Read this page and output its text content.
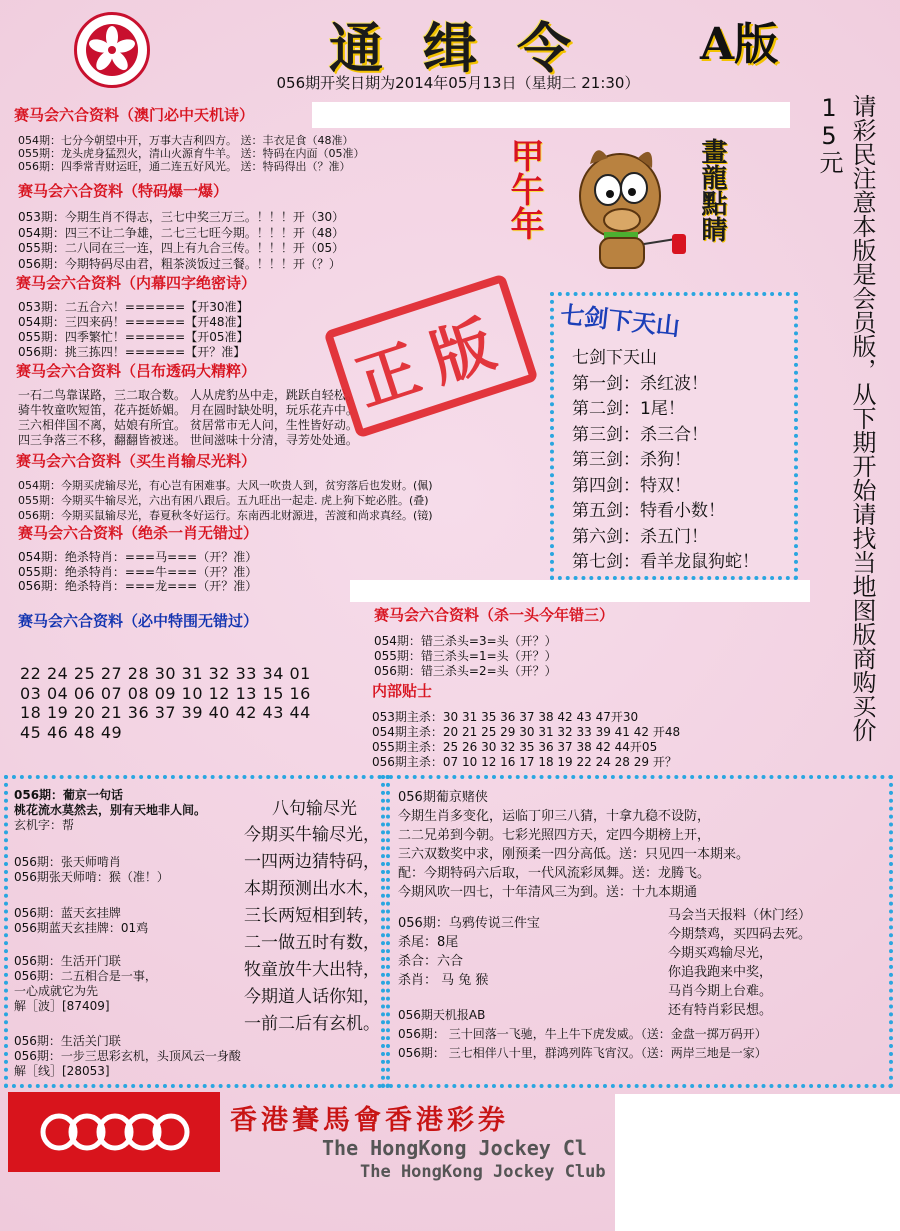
通缉令	A版
056期开奖日期为2014年05月13日（星期二 21:30）
赛马会六合资料（澳门必中天机诗）
054期：七分今朝望中开，万事大吉利四方。 送：丰衣足食（48准）
055期：龙头虎身猛烈火，清山火源育牛羊。 送：特码在内面（05准）
056期：四季常青财运旺，通二连五好风光。 送：特码得出（？准）
赛马会六合资料（特码爆一爆）
053期：今期生肖不得志，三七中奖三万三。！！！开（30）
054期：四三不让二争雄，二七三七旺今期。！！！开（48）
055期：二八同在三一连，四上有九合三传。！！！开（05）
056期：今期特码尽由君，粗茶淡饭过三餐。！！！开（？）
赛马会六合资料（内幕四字绝密诗）
053期：二五合六！======【开30准】
054期：三四来码！======【开48准】
055期：四季繁忙！======【开05准】
056期：挑三拣四！======【开？准】
赛马会六合资料（吕布透码大精粹）
一石二鸟靠谋路，三二取合数。 人从虎豹丛中走，跳跃自轻松。
骑牛牧童吹短笛，花卉挺娇媚。 月在圆时缺处明，玩乐花卉中。
三六相伴国不离，姑娘有所宜。 贫居常市无人问，生性皆好动。
四三争落三不移，翻翻皆被迷。 世间滋味十分清，寻芳处处通。
赛马会六合资料（买生肖输尽光料）
054期：今期买虎输尽光，有心岂有困难事。大风一吹贵人到，贫穷落后也发财。(佩)
055期：今期买牛输尽光，六出有困八跟后。五九旺出一起走. 虎上狗下蛇必胜。(叠)
056期：今期买鼠输尽光，春夏秋冬好运行。东南西北财源进，苦渡和尚求真经。(镜)
赛马会六合资料（绝杀一肖无错过）
054期：绝杀特肖：===马===（开？准）
055期：绝杀特肖：===牛===（开？准）
056期：绝杀特肖：===龙===（开？准）
赛马会六合资料（必中特围无错过）
22 24 25 27 28 30 31 32 33 34 01
03 04 06 07 08 09 10 12 13 15 16
18 19 20 21 36 37 39 40 42 43 44
45 46 48 49
甲午年	畫龍點睛
正版	七剑下天山
七剑下天山
第一剑：杀红波！
第二剑：1尾！
第三剑：杀三合！
第三剑：杀狗！
第四剑：特双！
第五剑：特看小数！
第六剑：杀五门！
第七剑：看羊龙鼠狗蛇！	请彩民注意本版是会员版，从下期开始请找当地图版商购买价15元
赛马会六合资料（杀一头今年错三）
054期：错三杀头=3=头（开？）
055期：错三杀头=1=头（开？）
056期：错三杀头=2=头（开？）
内部贴士
053期主杀：30 31 35 36 37 38 42 43 47开30
054期主杀：20 21 25 29 30 31 32 33 39 41 42 开48
055期主杀：25 26 30 32 35 36 37 38 42 44开05
056期主杀：07 10 12 16 17 18 19 22 24 28 29 开？
056期：葡京一句话
桃花流水莫然去，别有天地非人间。
玄机字：帮
056期：张天师啃肖
056期张天师啃：猴（准！）
056期：蓝天玄挂牌
056期蓝天玄挂牌：01鸡
056期：生活开门联
056期：二五相合是一事，
一心成就它为先
解［波］[87409]
056期：生活关门联
056期：一步三思彩玄机，头顶风云一身酸
解［线］[28053]
八句输尽光
今期买牛输尽光，
一四两边猜特码，
本期预测出水木，
三长两短相到转，
二一做五时有数，
牧童放牛大出特，
今期道人话你知，
一前二后有玄机。
056期葡京赌侠
今期生肖多变化，运临丁卯三八猜，十拿九稳不设防，
二二兄弟到今朝。七彩光照四方天，定四今期榜上开，
三六双数奖中求，刚预柔一四分高低。送：只见四一本期来。
配：今期特码六后取，一代风流彩凤舞。送：龙腾飞。
今期风吹一四七，十年清风三为到。送：十九本期通
056期：乌鸦传说三件宝
杀尾：8尾
杀合：六合
杀肖： 马 兔 猴
马会当天报料（休门经）
今期禁鸡，买四码去死。
今期买鸡输尽光，
你追我跑来中奖，
马肖今期上台难。
还有特肖彩民想。
056期天机报AB
056期： 三十回落一飞驰，牛上牛下虎发威。（送：金盘一掷万码开）
056期： 三七相伴八十里，群鸿列阵飞宵汉。（送：两岸三地是一家）
香港賽馬會香港彩券
The HongKong Jockey Cl
The HongKong Jockey Club
